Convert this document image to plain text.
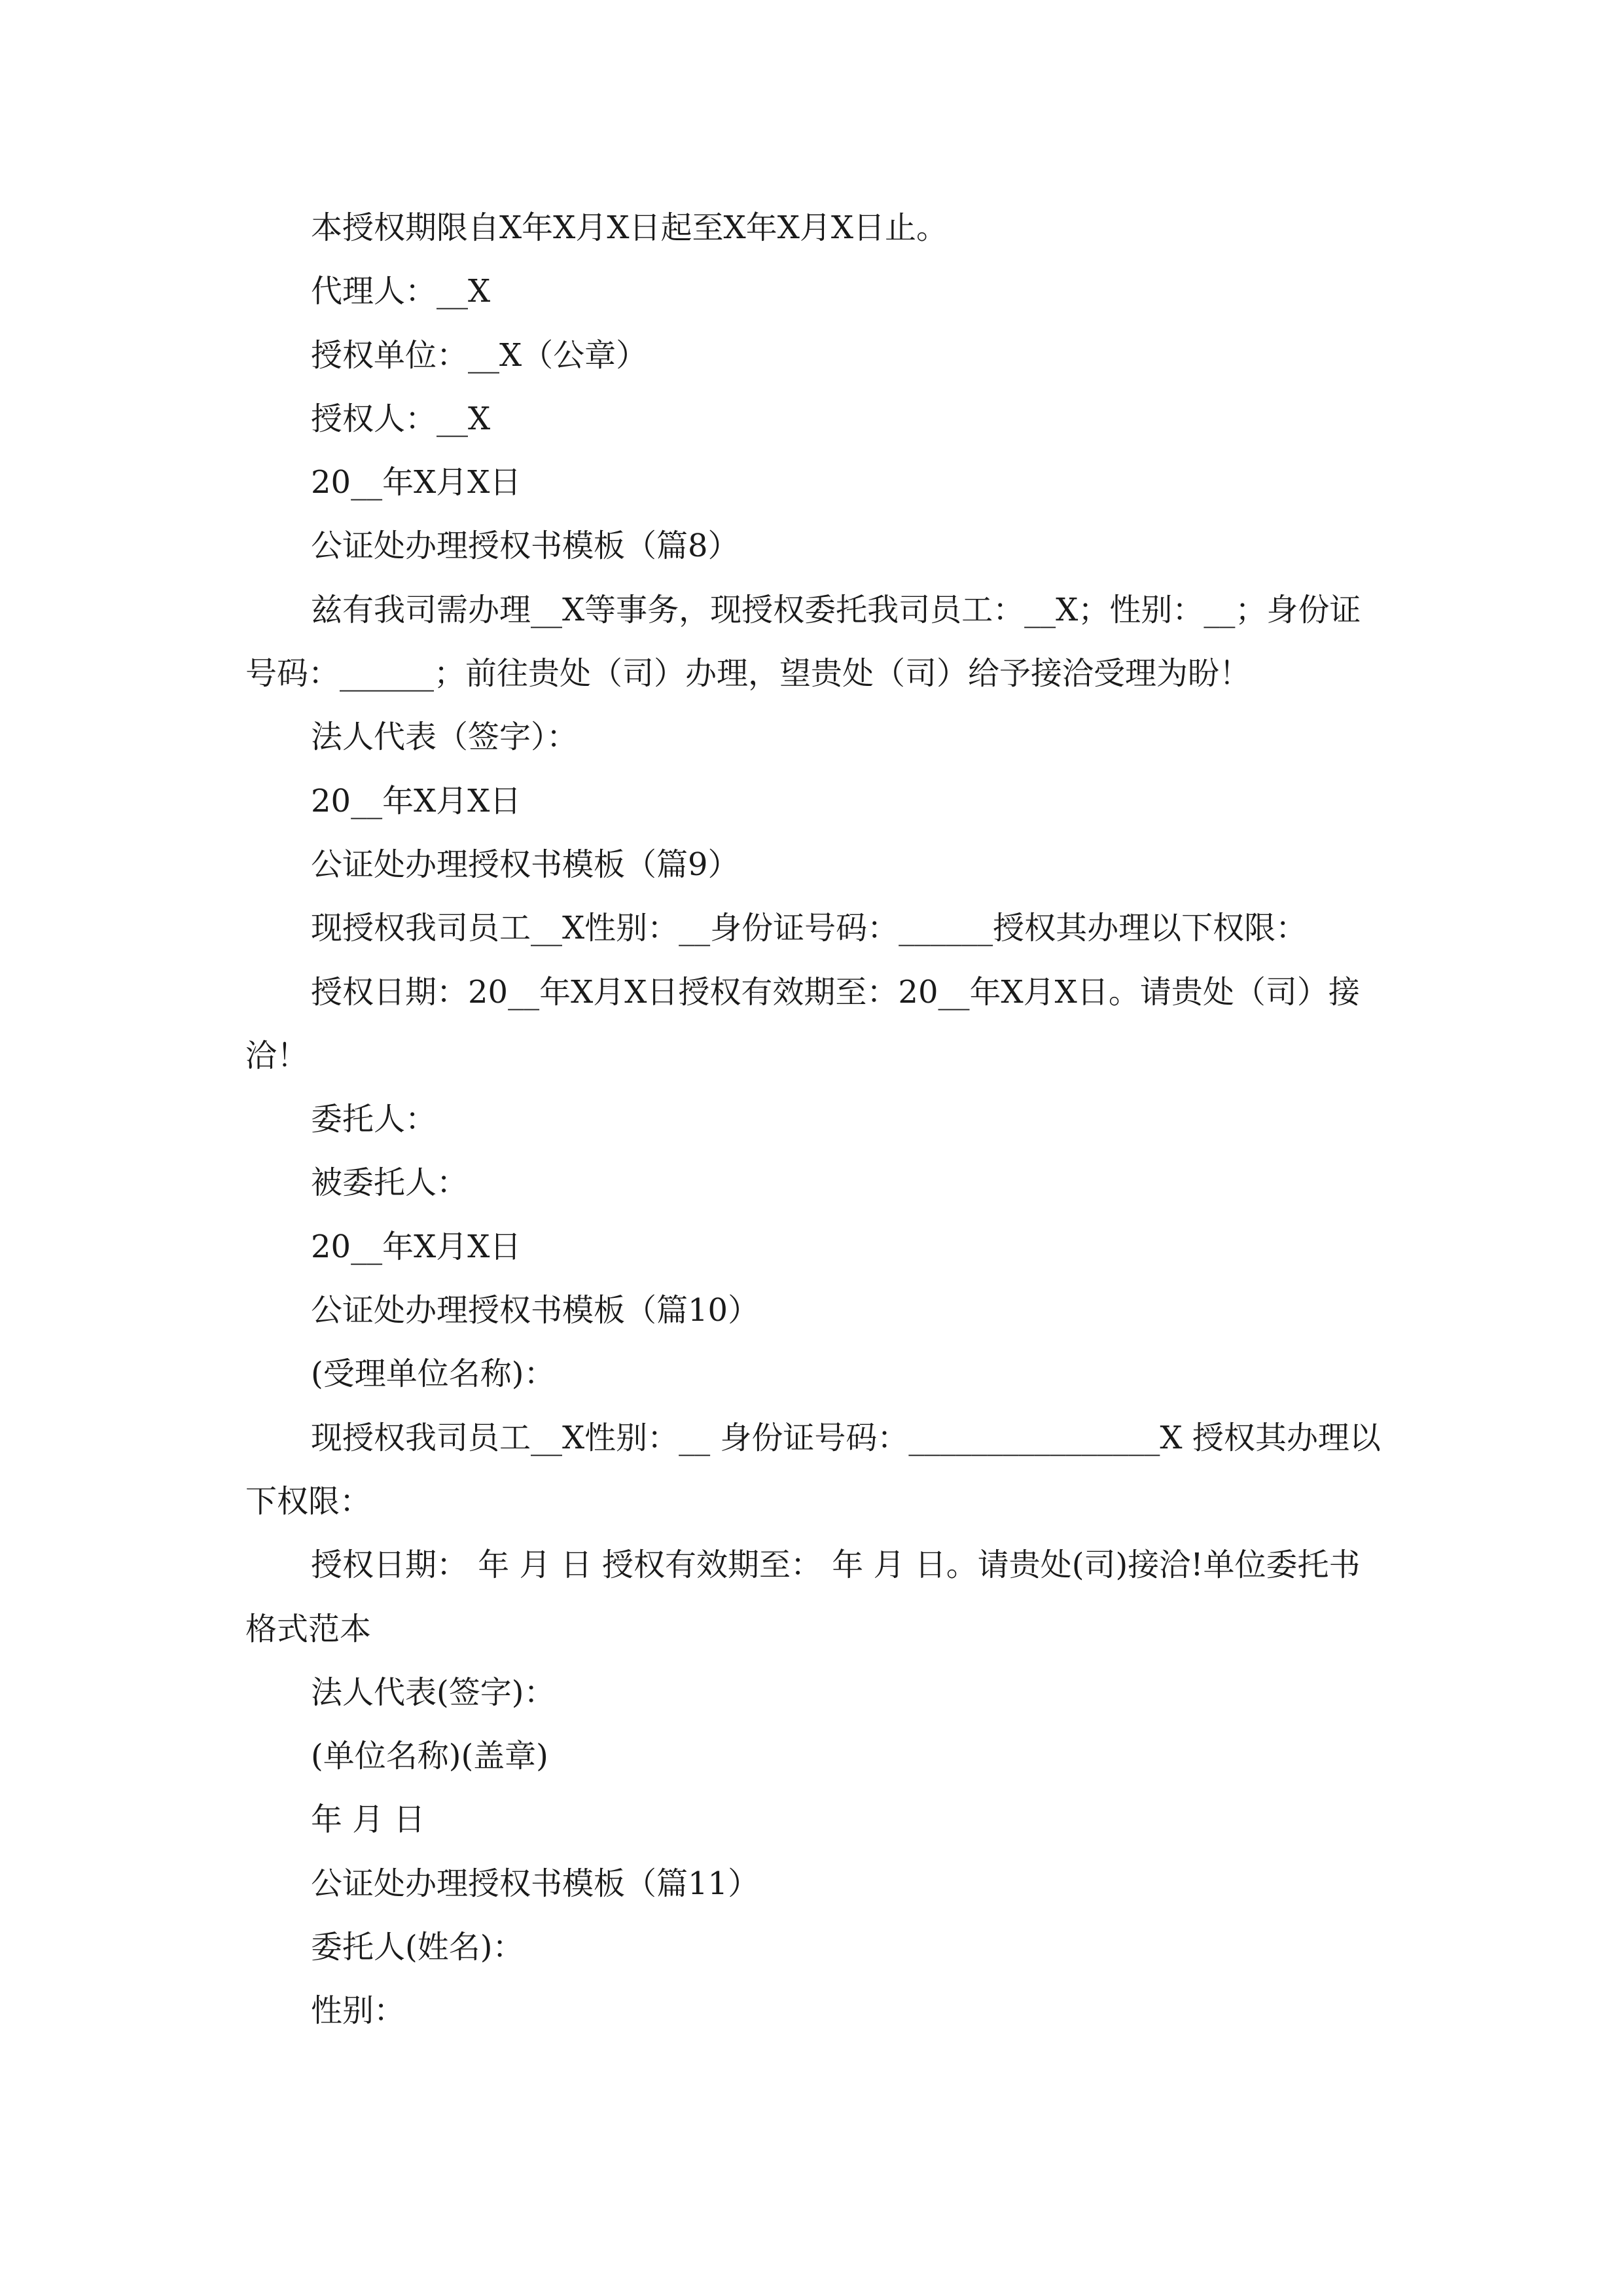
本授权期限自X年X月X日起至X年X月X日止。

代理人：__X

授权单位：__X（公章）

授权人：__X

20__年X月X日

公证处办理授权书模板（篇8）

兹有我司需办理__X等事务，现授权委托我司员工：__X；性别：__；身份证号码：______；前往贵处（司）办理，望贵处（司）给予接洽受理为盼！

法人代表（签字）：

20__年X月X日

公证处办理授权书模板（篇9）

现授权我司员工__X性别：__身份证号码：______授权其办理以下权限：

授权日期：20__年X月X日授权有效期至：20__年X月X日。请贵处（司）接洽！

委托人：

被委托人：

20__年X月X日

公证处办理授权书模板（篇10）

(受理单位名称)：

现授权我司员工__X性别：__ 身份证号码：________________X 授权其办理以下权限：

授权日期： 年 月 日 授权有效期至： 年 月 日。请贵处(司)接洽!单位委托书格式范本

法人代表(签字)：

(单位名称)(盖章)

年 月 日

公证处办理授权书模板（篇11）

委托人(姓名)：

性别：
